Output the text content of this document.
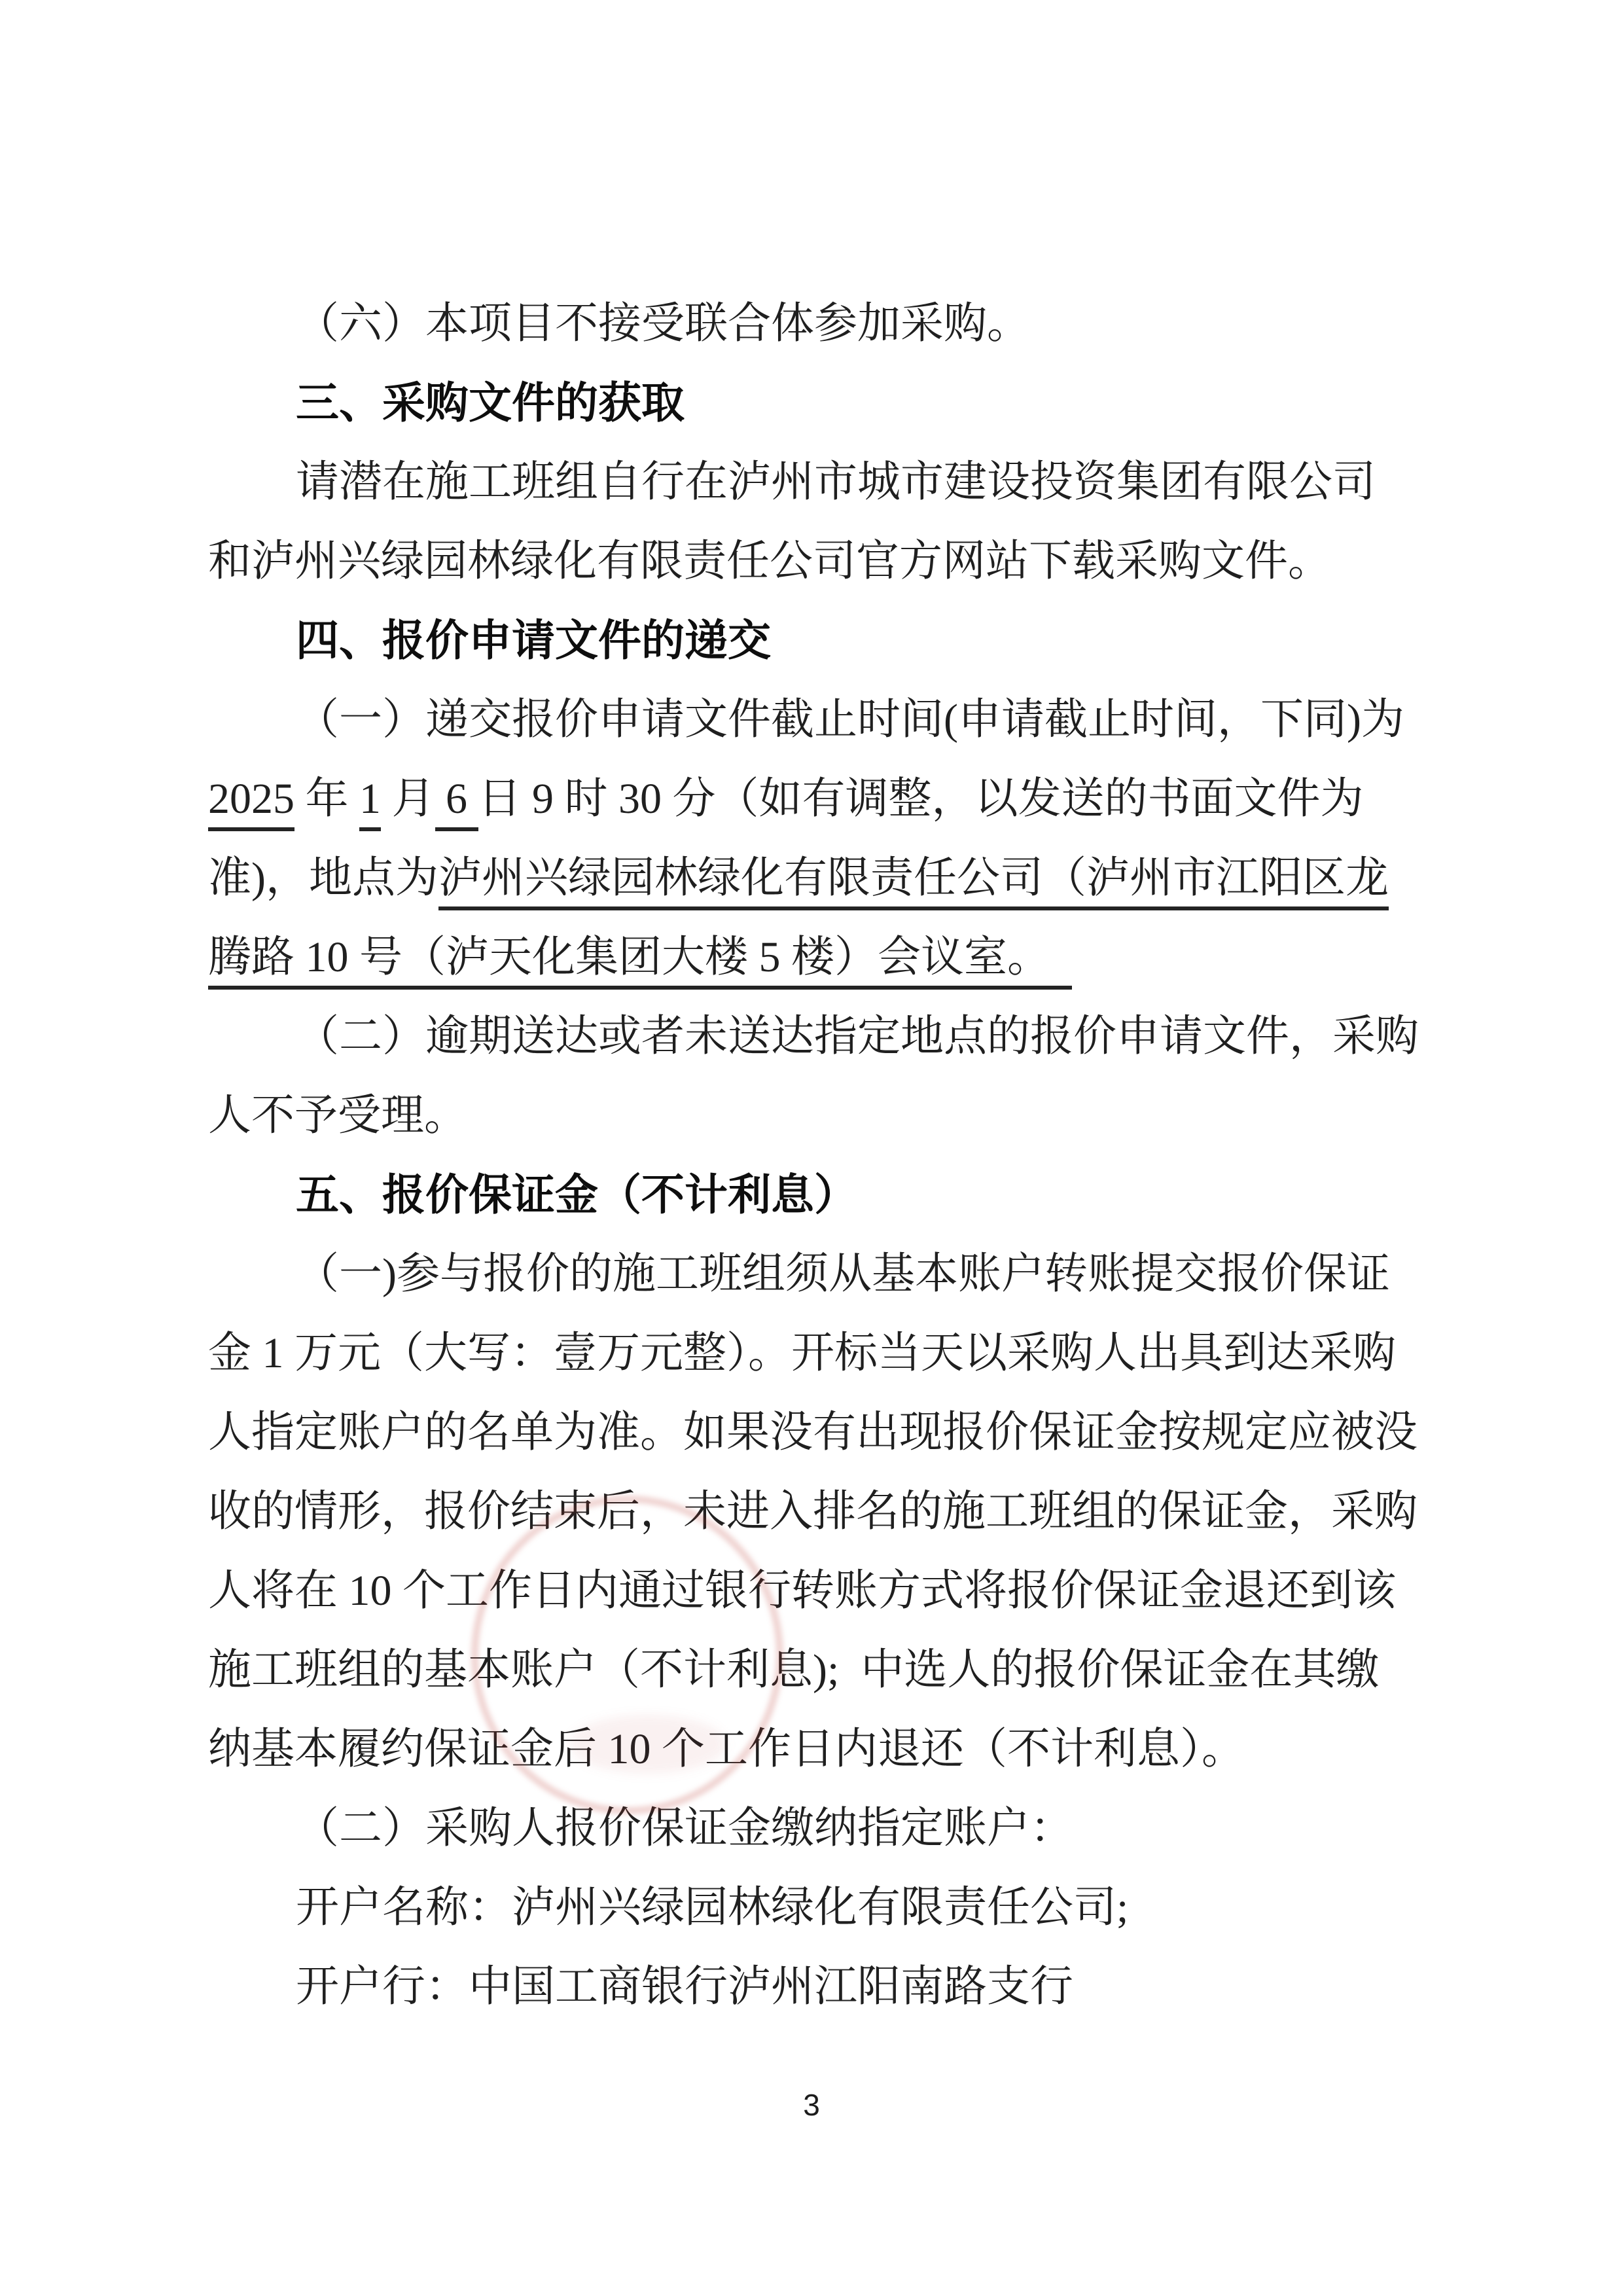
（六）本项目不接受联合体参加采购。
三、采购文件的获取
请潜在施工班组自行在泸州市城市建设投资集团有限公司
和泸州兴绿园林绿化有限责任公司官方网站下载采购文件。
四、报价申请文件的递交
（一）递交报价申请文件截止时间(申请截止时间，下同)为
2025 年 1 月 6 日 9 时 30 分（如有调整，以发送的书面文件为
准)，地点为泸州兴绿园林绿化有限责任公司（泸州市江阳区龙
腾路 10 号（泸天化集团大楼 5 楼）会议室。　
（二）逾期送达或者未送达指定地点的报价申请文件，采购
人不予受理。
五、报价保证金（不计利息）
（一)参与报价的施工班组须从基本账户转账提交报价保证
金 1 万元（大写：壹万元整）。开标当天以采购人出具到达采购
人指定账户的名单为准。如果没有出现报价保证金按规定应被没
收的情形，报价结束后，未进入排名的施工班组的保证金，采购
人将在 10 个工作日内通过银行转账方式将报价保证金退还到该
施工班组的基本账户（不计利息);  中选人的报价保证金在其缴
纳基本履约保证金后 10 个工作日内退还（不计利息）。
（二）采购人报价保证金缴纳指定账户：
开户名称：泸州兴绿园林绿化有限责任公司;
开户行：中国工商银行泸州江阳南路支行
3
